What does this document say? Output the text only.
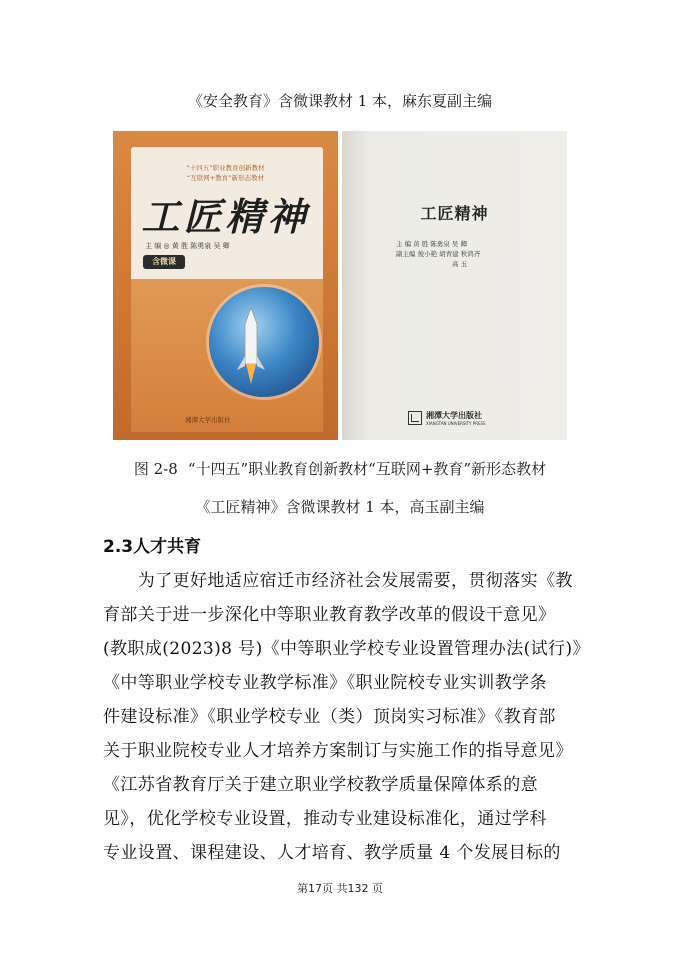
《安全教育》含微课教材 1 本，麻东夏副主编
“十四五”职业教育创新教材
“互联网+教育”新形态教材
工匠精神
主 编 ◎ 黄 胜 陈勇泉 吴 卿
含微课
湘潭大学出版社
工匠精神
主 编 黄 胜 陈勇泉 吴 卿
副主编 俊小艳 胡青建 秋鸿齐
高 玉
湘潭大学出版社
XIANGTAN UNIVERSITY PRESS
图 2-8 “十四五”职业教育创新教材“互联网+教育”新形态教材
《工匠精神》含微课教材 1 本，高玉副主编
2.3人才共育
　　为了更好地适应宿迁市经济社会发展需要，贯彻落实《教
育部关于进一步深化中等职业教育教学改革的假设干意见》
(教职成(2023)8 号)《中等职业学校专业设置管理办法(试行)》
《中等职业学校专业教学标准》《职业院校专业实训教学条
件建设标准》《职业学校专业（类）顶岗实习标准》《教育部
关于职业院校专业人才培养方案制订与实施工作的指导意见》
《江苏省教育厅关于建立职业学校教学质量保障体系的意
见》，优化学校专业设置，推动专业建设标准化，通过学科
专业设置、课程建设、人才培育、教学质量 4 个发展目标的
第17页 共132 页
